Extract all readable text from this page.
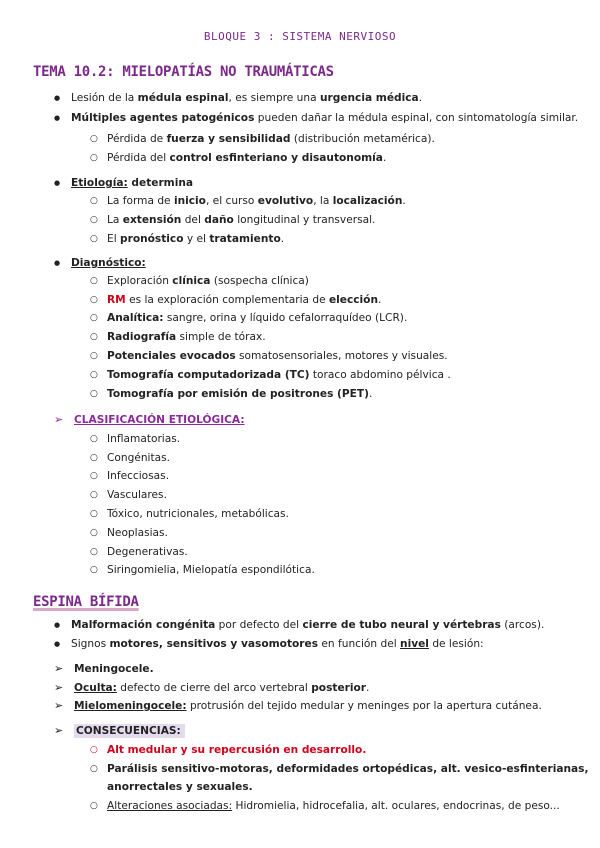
BLOQUE 3 : SISTEMA NERVIOSO
TEMA 10.2: MIELOPATÍAS NO TRAUMÁTICAS
● Lesión de la médula espinal, es siempre una urgencia médica.
● Múltiples agentes patogénicos pueden dañar la médula espinal, con sintomatología similar.
○ Pérdida de fuerza y sensibilidad (distribución metamérica).
○ Pérdida del control esfinteriano y disautonomía.
● Etiología: determina
○ La forma de inicio, el curso evolutivo, la localización.
○ La extensión del daño longitudinal y transversal.
○ El pronóstico y el tratamiento.
● Diagnóstico:
○ Exploración clínica (sospecha clínica)
○ RM es la exploración complementaria de elección.
○ Analítica: sangre, orina y líquido cefalorraquídeo (LCR).
○ Radiografía simple de tórax.
○ Potenciales evocados somatosensoriales, motores y visuales.
○ Tomografía computadorizada (TC) toraco abdomino pélvica .
○ Tomografía por emisión de positrones (PET).
➢ CLASIFICACIÓN ETIOLÓGICA:
○ Inflamatorias.
○ Congénitas.
○ Infecciosas.
○ Vasculares.
○ Tóxico, nutricionales, metabólicas.
○ Neoplasias.
○ Degenerativas.
○ Siringomielia, Mielopatía espondilótica.
ESPINA BÍFIDA
● Malformación congénita por defecto del cierre de tubo neural y vértebras (arcos).
● Signos motores, sensitivos y vasomotores en función del nivel de lesión:
➢ Meningocele.
➢ Oculta: defecto de cierre del arco vertebral posterior.
➢ Mielomeningocele: protrusión del tejido medular y meninges por la apertura cutánea.
➢ CONSECUENCIAS:
○ Alt medular y su repercusión en desarrollo.
○ Parálisis sensitivo-motoras, deformidades ortopédicas, alt. vesico-esfinterianas,
anorrectales y sexuales.
○ Alteraciones asociadas: Hidromielia, hidrocefalia, alt. oculares, endocrinas, de peso...
